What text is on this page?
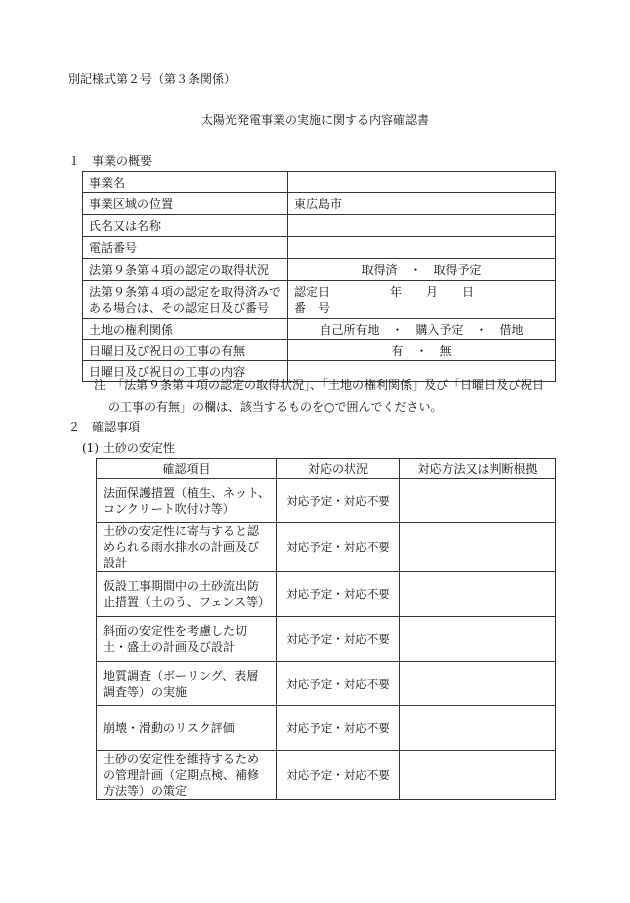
別記様式第２号（第３条関係）
太陽光発電事業の実施に関する内容確認書
１　事業の概要
事業名	
事業区域の位置	東広島市
氏名又は名称	
電話番号	
法第９条第４項の認定の取得状況	取得済　・　取得予定
法第９条第４項の認定を取得済みである場合は、その認定日及び番号	認定日　　　　　年　　月　　日
番　号

土地の権利関係	自己所有地　・　購入予定　・　借地
日曜日及び祝日の工事の有無	有　・　無
日曜日及び祝日の工事の内容	
注　「法第９条第４項の認定の取得状況」、「土地の権利関係」及び「日曜日及び祝日
の工事の有無」の欄は、該当するものを○で囲んでください。
２　確認事項
(1) 土砂の安定性
確認項目	対応の状況	対応方法又は判断根拠
法面保護措置（植生、ネット、コンクリート吹付け等）	対応予定・対応不要	
土砂の安定性に寄与すると認められる雨水排水の計画及び設計	対応予定・対応不要	
仮設工事期間中の土砂流出防止措置（土のう、フェンス等）	対応予定・対応不要	
斜面の安定性を考慮した切土・盛土の計画及び設計	対応予定・対応不要	
地質調査（ボーリング、表層調査等）の実施	対応予定・対応不要	
崩壊・滑動のリスク評価	対応予定・対応不要	
土砂の安定性を維持するための管理計画（定期点検、補修方法等）の策定	対応予定・対応不要	
